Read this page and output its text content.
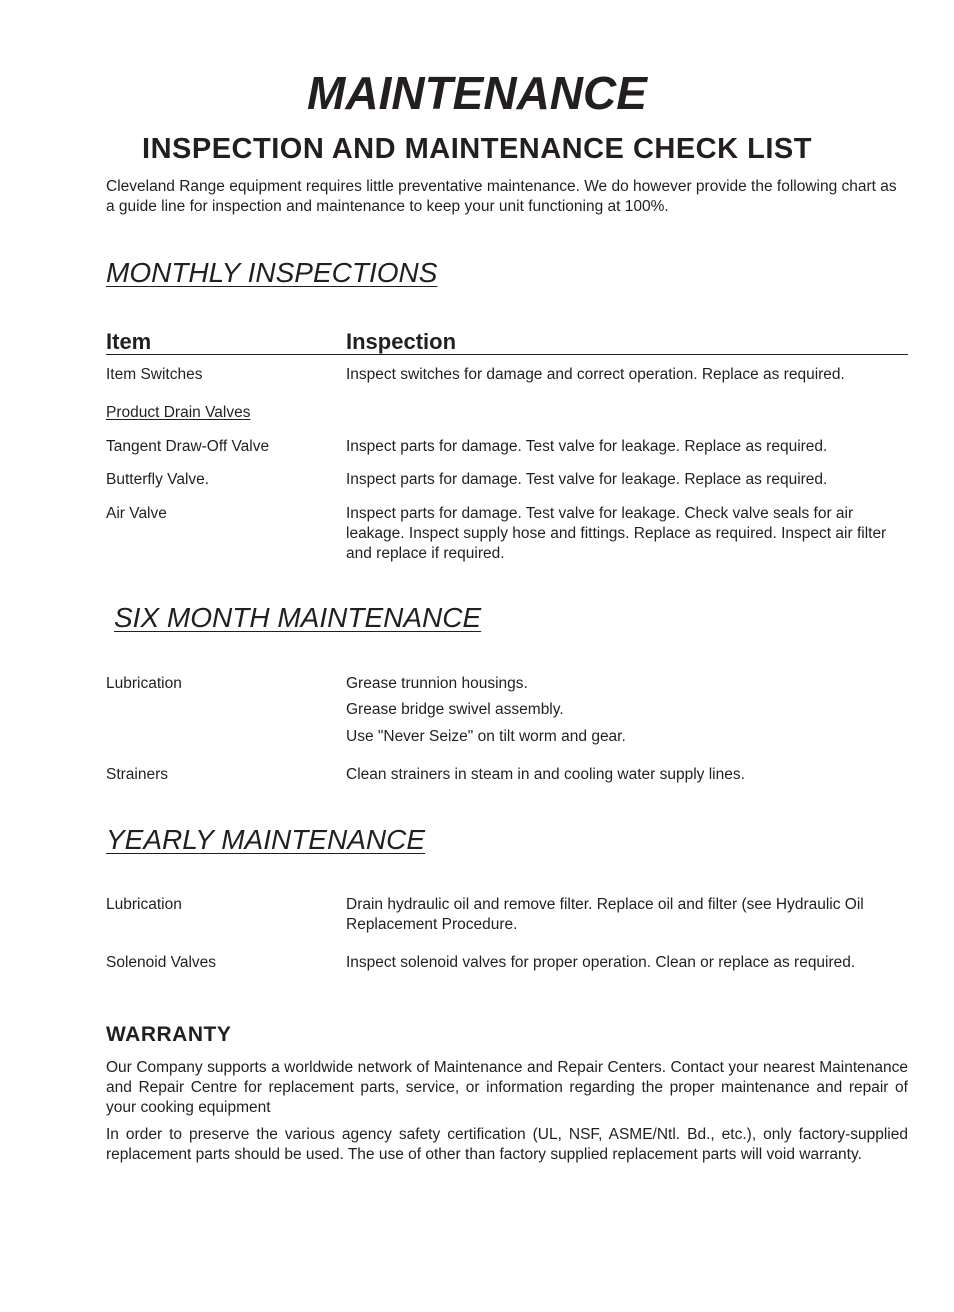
MAINTENANCE
INSPECTION AND MAINTENANCE CHECK LIST
Cleveland Range equipment requires little preventative maintenance. We do however provide the following chart as a guide line for inspection and maintenance to keep your unit functioning at 100%.
MONTHLY INSPECTIONS
Item	Inspection
Item Switches	Inspect switches for damage and correct operation. Replace as required.
Product Drain Valves
Tangent Draw-Off Valve	Inspect parts for damage. Test valve for leakage. Replace as required.
Butterfly Valve.	Inspect parts for damage. Test valve for leakage. Replace as required.
Air Valve	Inspect parts for damage. Test valve for leakage. Check valve seals for air leakage. Inspect supply hose and fittings. Replace as required. Inspect air filter and replace if required.
SIX MONTH MAINTENANCE
Lubrication	Grease trunnion housings.
Grease bridge swivel assembly.
Use "Never Seize" on tilt worm and gear.
Strainers	Clean strainers in steam in and cooling water supply lines.
YEARLY MAINTENANCE
Lubrication	Drain hydraulic oil and remove filter. Replace oil and filter (see Hydraulic Oil Replacement Procedure.
Solenoid Valves	Inspect solenoid valves for proper operation. Clean or replace as required.
WARRANTY
Our Company supports a worldwide network of Maintenance and Repair Centers. Contact your nearest Maintenance and Repair Centre for replacement parts, service, or information regarding the proper maintenance and repair of your cooking equipment
In order to preserve the various agency safety certification (UL, NSF, ASME/Ntl. Bd., etc.), only factory-supplied replacement parts should be used. The use of other than factory supplied replacement parts will void warranty.
